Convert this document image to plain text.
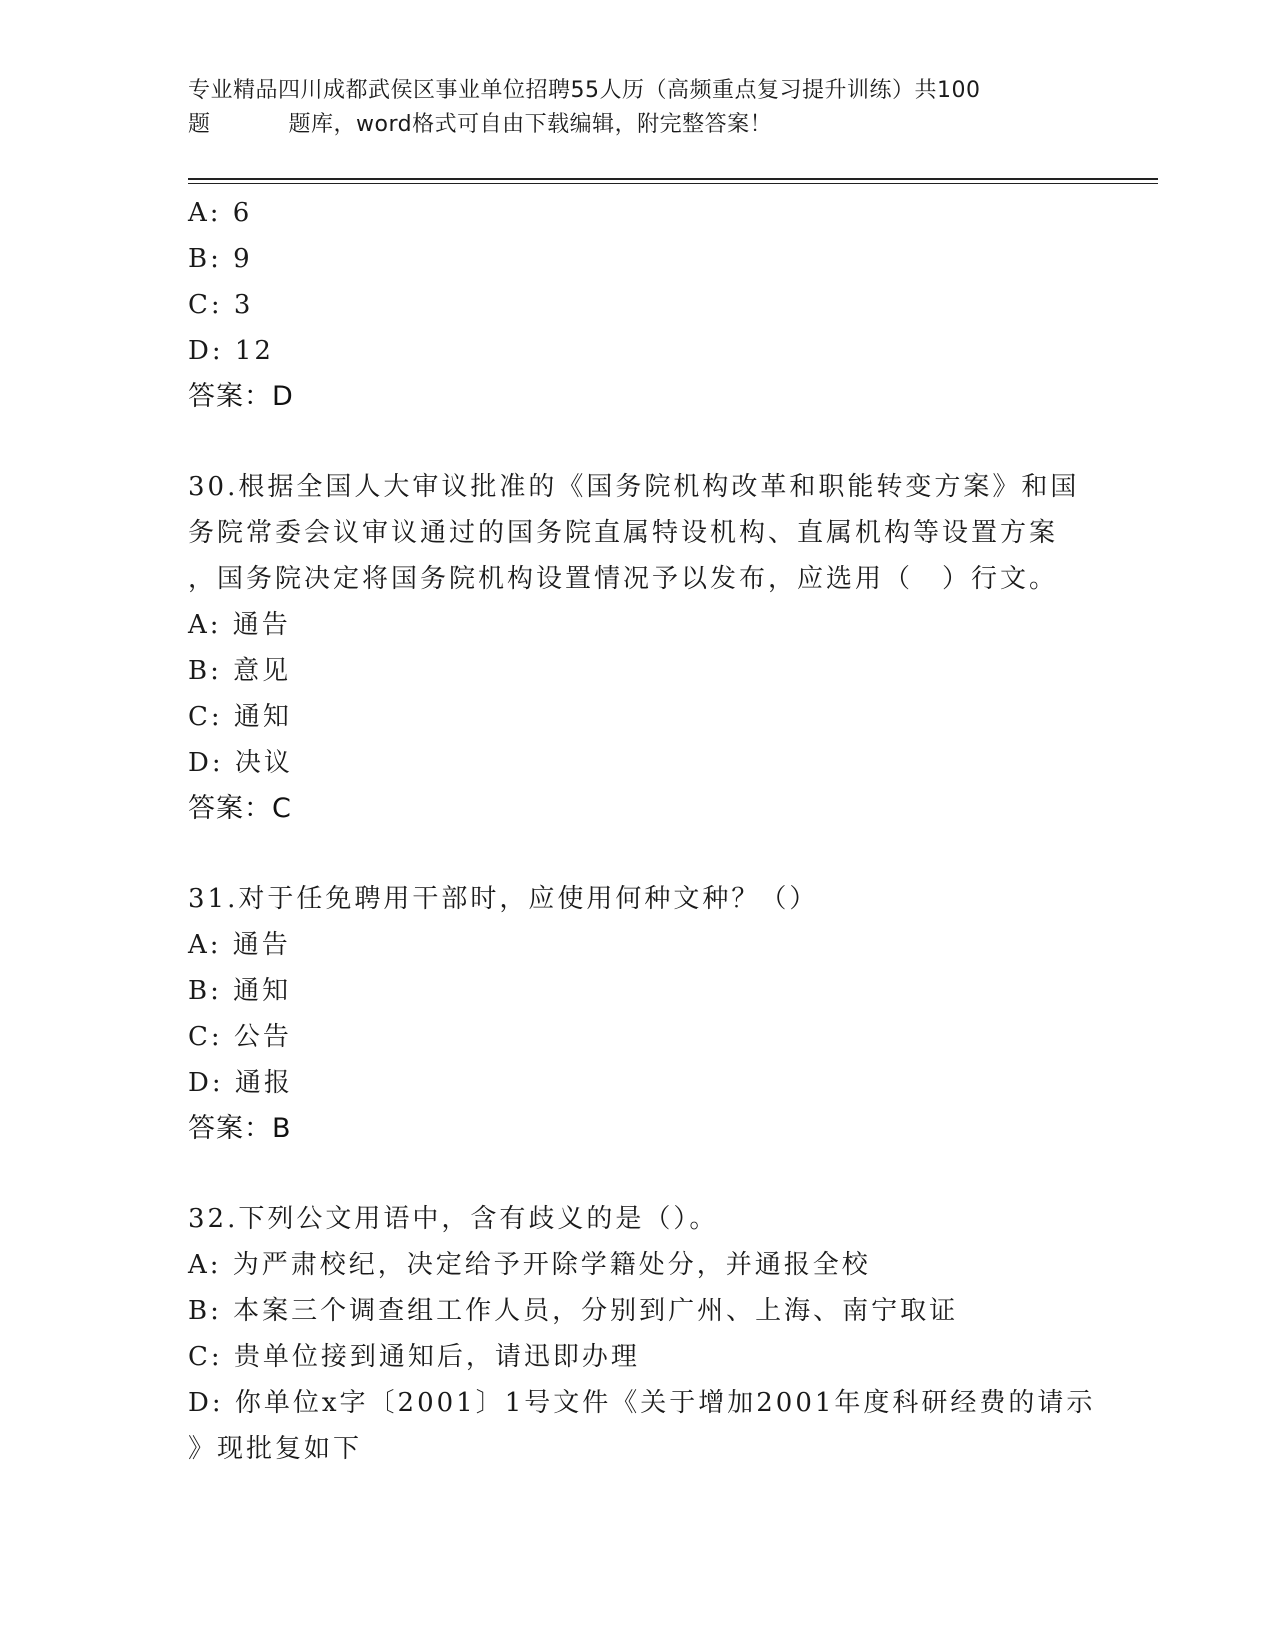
专业精品四川成都武侯区事业单位招聘55人历（高频重点复习提升训练）共100
题	题库，word格式可自由下载编辑，附完整答案！
A: 6
B: 9
C: 3
D: 12
答案：D
30.根据全国人大审议批准的《国务院机构改革和职能转变方案》和国
务院常委会议审议通过的国务院直属特设机构、直属机构等设置方案
，国务院决定将国务院机构设置情况予以发布，应选用（　）行文。
A: 通告
B: 意见
C: 通知
D: 决议
答案：C
31.对于任免聘用干部时，应使用何种文种？（）
A: 通告
B: 通知
C: 公告
D: 通报
答案：B
32.下列公文用语中，含有歧义的是（）。
A: 为严肃校纪，决定给予开除学籍处分，并通报全校
B: 本案三个调查组工作人员，分别到广州、上海、南宁取证
C: 贵单位接到通知后，请迅即办理
D: 你单位x字〔2001〕1号文件《关于增加2001年度科研经费的请示
》现批复如下
